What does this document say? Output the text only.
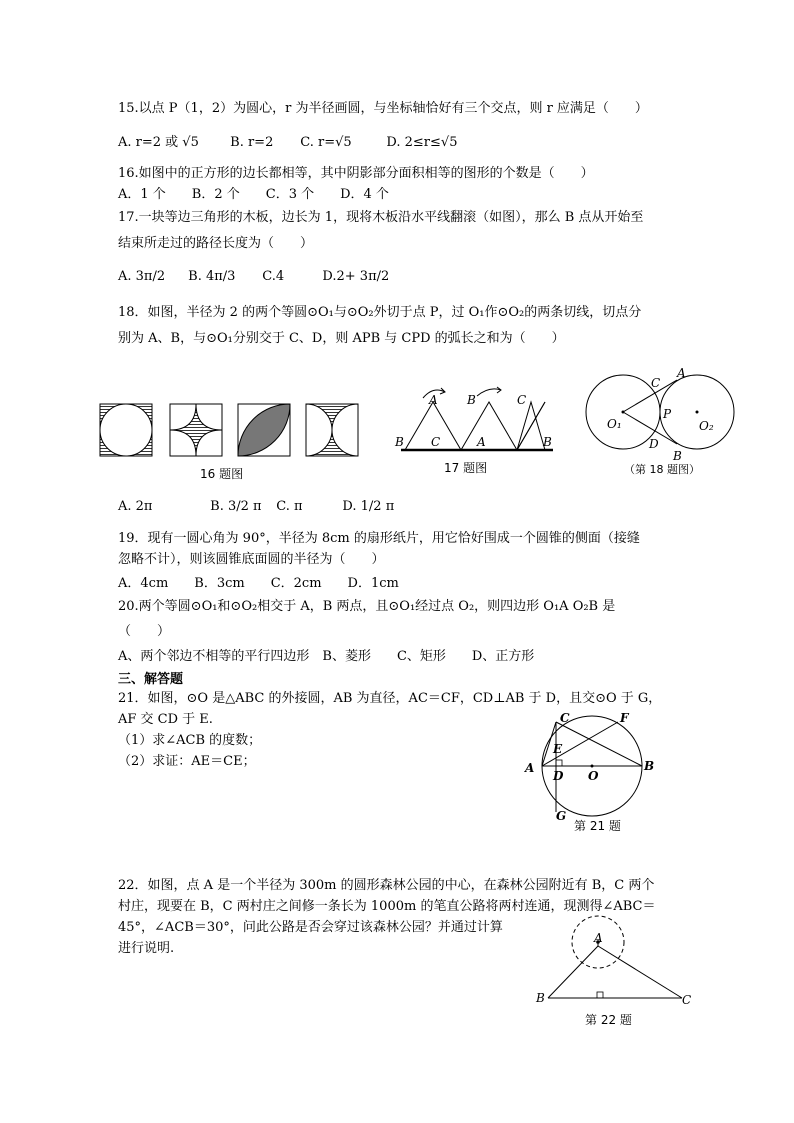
15.以点 P（1，2）为圆心，r 为半径画圆，与坐标轴恰好有三个交点，则 r 应满足（　　）
A. r=2 或 √5 B. r=2 C. r=√5	D. 2≤r≤√5
16.如图中的正方形的边长都相等，其中阴影部分面积相等的图形的个数是（　　）
A．1 个　　B．2 个　　C．3 个　　D．4 个
17.一块等边三角形的木板，边长为 1，现将木板沿水平线翻滚（如图），那么 B 点从开始至
结束所走过的路径长度为（　　）
A. 3π/2 B. 4π/3 C.4	D.2+ 3π/2
18．如图，半径为 2 的两个等圆⊙O₁与⊙O₂外切于点 P，过 O₁作⊙O₂的两条切线，切点分
别为 A、B，与⊙O₁分别交于 C、D，则 APB 与 CPD 的弧长之和为（　　）
16 题图
B C	A	B
A B	C
17 题图
A
C
P
O₁	O₂
D
B
（第 18 题图）
A. 2π	B. 3/2 π C. π	D. 1/2 π
19．现有一圆心角为 90°，半径为 8cm 的扇形纸片，用它恰好围成一个圆锥的侧面（接缝
忽略不计），则该圆锥底面圆的半径为（　　）
A．4cm　　B．3cm　　C．2cm　　D．1cm
20.两个等圆⊙O₁和⊙O₂相交于 A，B 两点，且⊙O₁经过点 O₂，则四边形 O₁A O₂B 是
（　　）
A、两个邻边不相等的平行四边形　B、菱形　　C、矩形　　D、正方形
三、解答题
21．如图，⊙O 是△ABC 的外接圆，AB 为直径，AC＝CF，CD⊥AB 于 D，且交⊙O 于 G，
AF 交 CD 于 E.
（1）求∠ACB 的度数；
（2）求证：AE＝CE；
C	F
E
A
D O
B
G
第 21 题
22．如图，点 A 是一个半径为 300m 的圆形森林公园的中心，在森林公园附近有 B，C 两个
村庄，现要在 B，C 两村庄之间修一条长为 1000m 的笔直公路将两村连通，现测得∠ABC＝
45°，∠ACB＝30°，问此公路是否会穿过该森林公园？并通过计算
进行说明.
A
B	C
第 22 题
